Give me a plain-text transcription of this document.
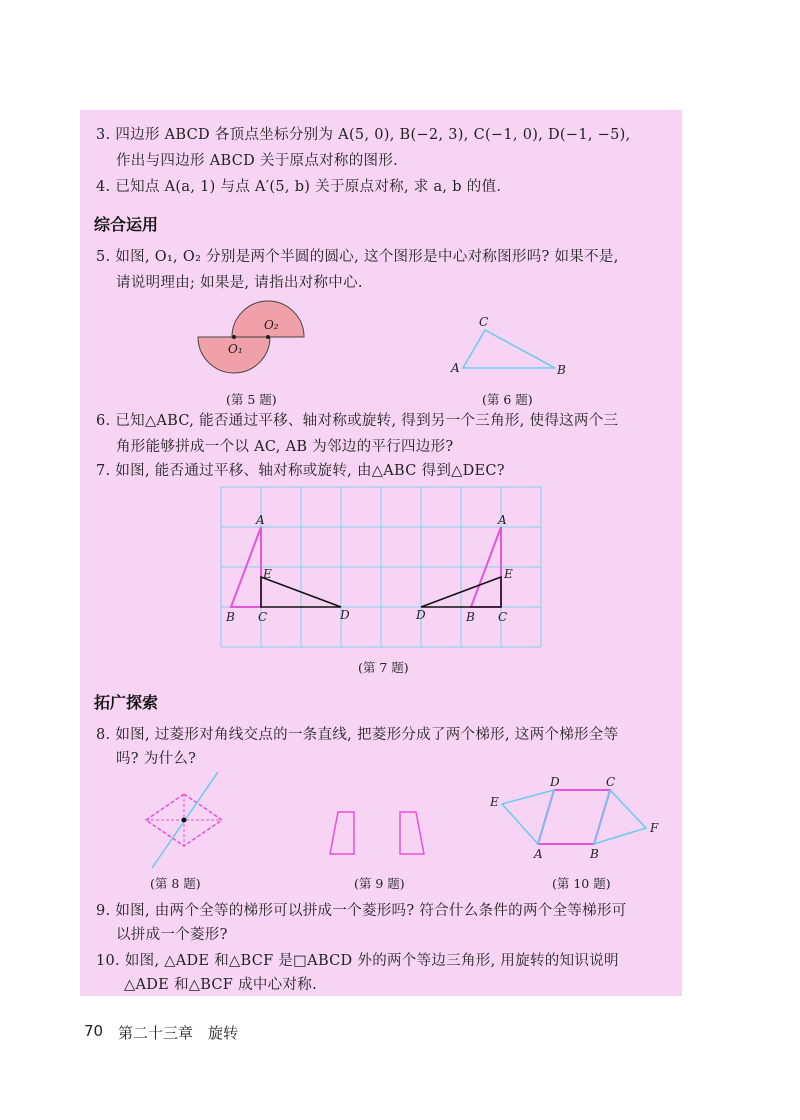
3. 四边形 ABCD 各顶点坐标分别为 A(5, 0), B(−2, 3), C(−1, 0), D(−1, −5),
作出与四边形 ABCD 关于原点对称的图形.
4. 已知点 A(a, 1) 与点 A′(5, b) 关于原点对称, 求 a, b 的值.
综合运用
5. 如图, O₁, O₂ 分别是两个半圆的圆心, 这个图形是中心对称图形吗? 如果不是,
请说明理由; 如果是, 请指出对称中心.
O₁
O₂
(第 5 题)
C
A	B
(第 6 题)
6. 已知△ABC, 能否通过平移、轴对称或旋转, 得到另一个三角形, 使得这两个三
角形能够拼成一个以 AC, AB 为邻边的平行四边形?
7. 如图, 能否通过平移、轴对称或旋转, 由△ABC 得到△DEC?
A
E
B C	D
A
E
B C
D
(第 7 题)
拓广探索
8. 如图, 过菱形对角线交点的一条直线, 把菱形分成了两个梯形, 这两个梯形全等
吗? 为什么?
(第 8 题)	(第 9 题)
D	C
E
F
A	B
(第 10 题)
9. 如图, 由两个全等的梯形可以拼成一个菱形吗? 符合什么条件的两个全等梯形可
以拼成一个菱形?
10. 如图, △ADE 和△BCF 是□ABCD 外的两个等边三角形, 用旋转的知识说明
△ADE 和△BCF 成中心对称.
70 第二十三章 旋转
